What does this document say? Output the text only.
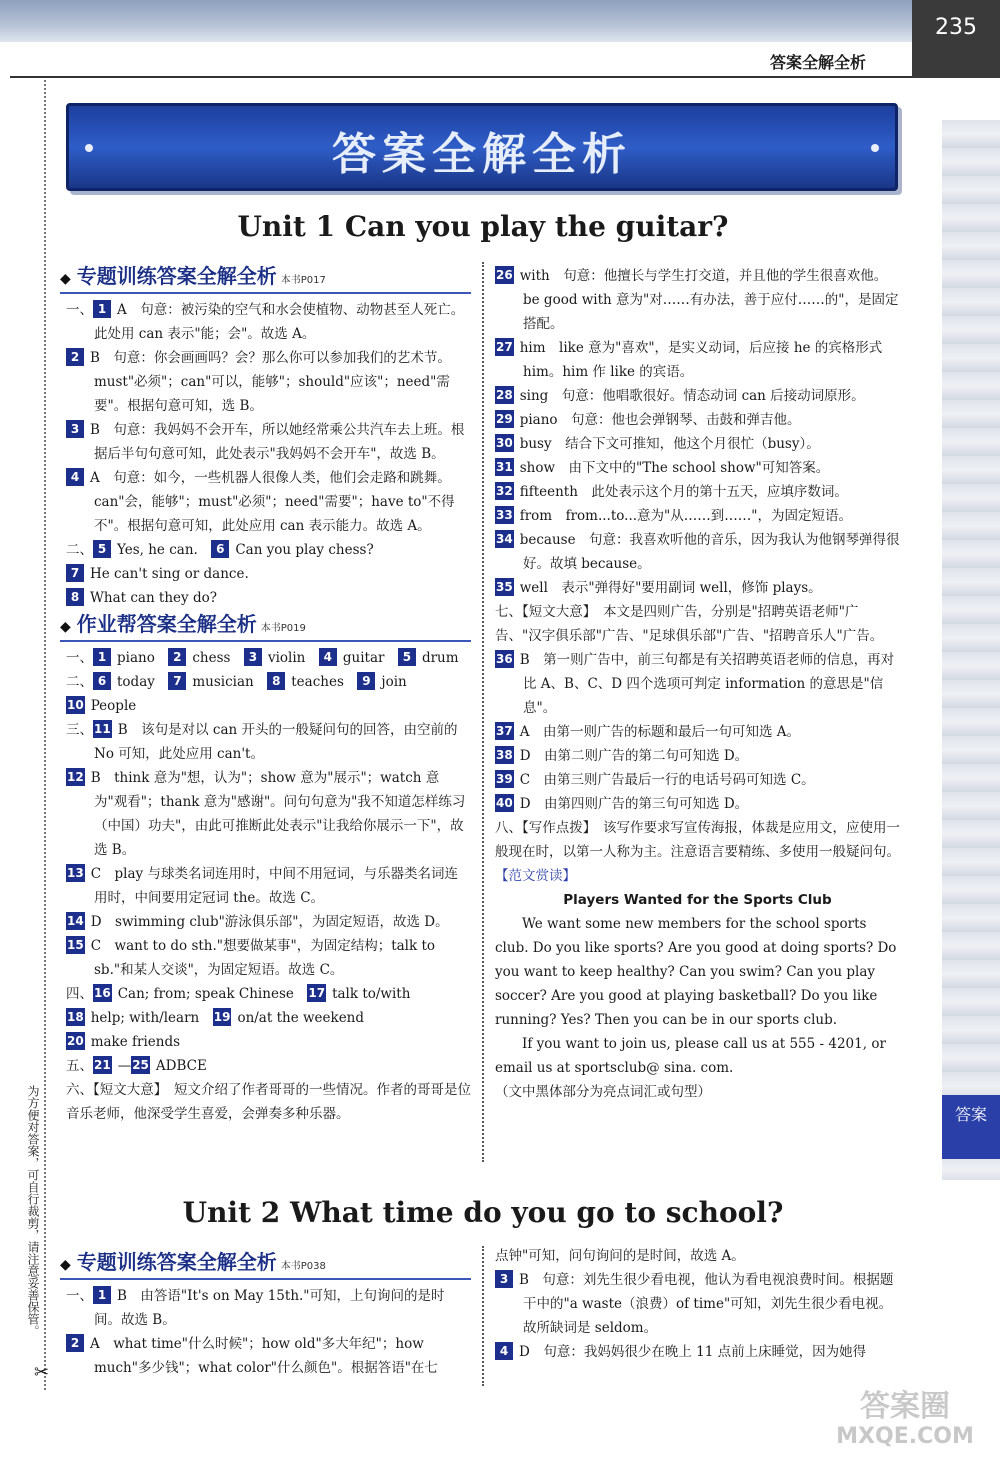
答案全解全析
235
答案
为方便对答案，可自行裁剪，请注意妥善保管。
✂
答案全解全析
Unit 1 Can you play the guitar?
◆ 专题训练答案全解全析 本书P017

一、 1 A　句意：被污染的空气和水会使植物、动物甚至人死亡。此处用 can 表示"能；会"。故选 A。

2 B　句意：你会画画吗？会？那么你可以参加我们的艺术节。must"必须"；can"可以，能够"；should"应该"；need"需要"。根据句意可知，选 B。

3 B　句意：我妈妈不会开车，所以她经常乘公共汽车去上班。根据后半句句意可知，此处表示"我妈妈不会开车"，故选 B。

4 A　句意：如今，一些机器人很像人类，他们会走路和跳舞。can"会，能够"；must"必须"；need"需要"；have to"不得不"。根据句意可知，此处应用 can 表示能力。故选 A。

二、 5 Yes, he can.　 6 Can you play chess?

7 He can't sing or dance.

8 What can they do?

◆ 作业帮答案全解全析 本书P019

一、 1 piano　 2 chess　 3 violin　 4 guitar　 5 drum

二、 6 today　 7 musician　 8 teaches　 9 join

10 People

三、11 B　该句是对以 can 开头的一般疑问句的回答，由空前的 No 可知，此处应用 can't。

12 B　think 意为"想，认为"；show 意为"展示"；watch 意为"观看"；thank 意为"感谢"。问句句意为"我不知道怎样练习（中国）功夫"，由此可推断此处表示"让我给你展示一下"，故选 B。

13 C　play 与球类名词连用时，中间不用冠词，与乐器类名词连用时，中间要用定冠词 the。故选 C。

14 D　swimming club"游泳俱乐部"，为固定短语，故选 D。

15 C　want to do sth."想要做某事"，为固定结构；talk to sb."和某人交谈"，为固定短语。故选 C。

四、16 Can; from; speak Chinese　 17 talk to/with

18 help; with/learn　 19 on/at the weekend

20 make friends

五、21 —25 ADBCE

六、【短文大意】　短文介绍了作者哥哥的一些情况。作者的哥哥是位音乐老师，他深受学生喜爱，会弹奏多种乐器。

26 with　句意：他擅长与学生打交道，并且他的学生很喜欢他。be good with 意为"对……有办法，善于应付……的"，是固定搭配。

27 him　like 意为"喜欢"，是实义动词，后应接 he 的宾格形式 him。him 作 like 的宾语。

28 sing　句意：他唱歌很好。情态动词 can 后接动词原形。

29 piano　句意：他也会弹钢琴、击鼓和弹吉他。

30 busy　结合下文可推知，他这个月很忙（busy）。

31 show　由下文中的"The school show"可知答案。

32 fifteenth　此处表示这个月的第十五天，应填序数词。

33 from　from...to...意为"从……到……"，为固定短语。

34 because　句意：我喜欢听他的音乐，因为我认为他钢琴弹得很好。故填 because。

35 well　表示"弹得好"要用副词 well，修饰 plays。

七、【短文大意】　本文是四则广告，分别是"招聘英语老师"广告、"汉字俱乐部"广告、"足球俱乐部"广告、"招聘音乐人"广告。

36 B　第一则广告中，前三句都是有关招聘英语老师的信息，再对比 A、B、C、D 四个选项可判定 information 的意思是"信息"。

37 A　由第一则广告的标题和最后一句可知选 A。

38 D　由第二则广告的第二句可知选 D。

39 C　由第三则广告最后一行的电话号码可知选 C。

40 D　由第四则广告的第三句可知选 D。

八、【写作点拨】　该写作要求写宣传海报，体裁是应用文，应使用一般现在时，以第一人称为主。注意语言要精练、多使用一般疑问句。

【范文赏读】

Players Wanted for the Sports Club

We want some new members for the school sports club. Do you like sports? Are you good at doing sports? Do you want to keep healthy? Can you swim? Can you play soccer? Are you good at playing basketball? Do you like running? Yes? Then you can be in our sports club.

If you want to join us, please call us at 555 - 4201, or email us at sportsclub@ sina. com.

（文中黑体部分为亮点词汇或句型）

Unit 2 What time do you go to school?
◆ 专题训练答案全解全析 本书P038

一、 1 B　由答语"It's on May 15th."可知，上句询问的是时间。故选 B。

2 A　what time"什么时候"；how old"多大年纪"；how much"多少钱"；what color"什么颜色"。根据答语"在七

点钟"可知，问句询问的是时间，故选 A。

3 B　句意：刘先生很少看电视，他认为看电视浪费时间。根据题干中的"a waste（浪费）of time"可知，刘先生很少看电视。故所缺词是 seldom。

4 D　句意：我妈妈很少在晚上 11 点前上床睡觉，因为她得

答案圈
MXQE.COM
